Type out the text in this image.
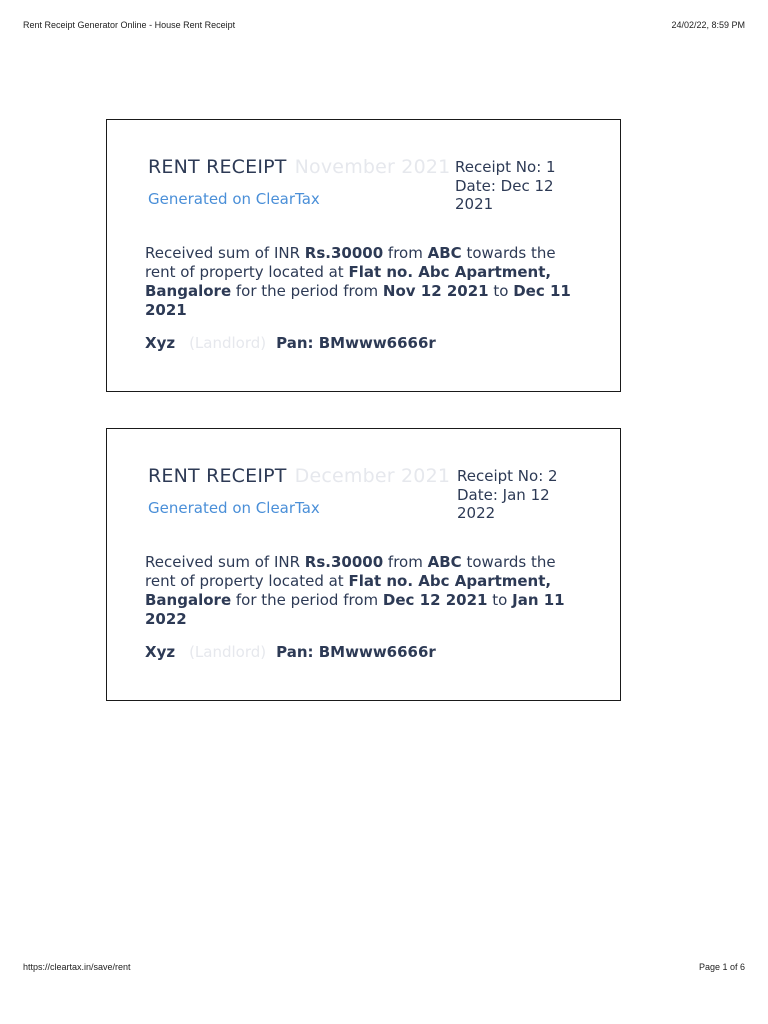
Rent Receipt Generator Online - House Rent Receipt	24/02/22, 8:59 PM
RENT RECEIPT November 2021
Generated on ClearTax
Receipt No: 1
Date: Dec 12 2021
Received sum of INR Rs.30000 from ABC towards the rent of property located at Flat no. Abc Apartment, Bangalore for the period from Nov 12 2021 to Dec 11 2021
Xyz (Landlord) Pan: BMwww6666r
RENT RECEIPT December 2021
Generated on ClearTax
Receipt No: 2
Date: Jan 12 2022
Received sum of INR Rs.30000 from ABC towards the rent of property located at Flat no. Abc Apartment, Bangalore for the period from Dec 12 2021 to Jan 11 2022
Xyz (Landlord) Pan: BMwww6666r
https://cleartax.in/save/rent	Page 1 of 6
